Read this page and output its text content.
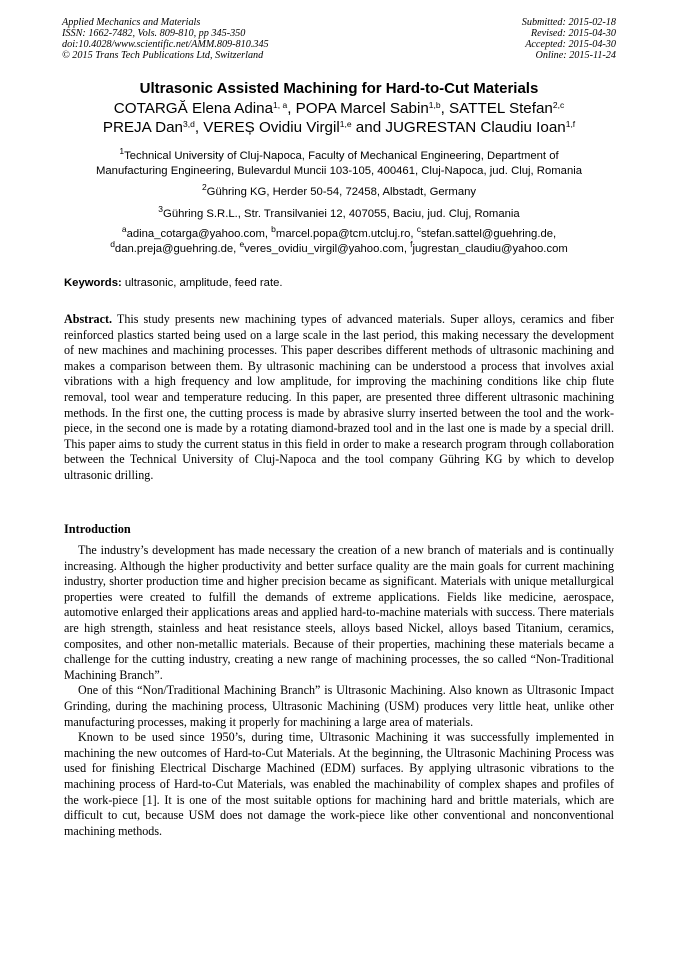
Applied Mechanics and Materials
ISSN: 1662-7482, Vols. 809-810, pp 345-350
doi:10.4028/www.scientific.net/AMM.809-810.345
© 2015 Trans Tech Publications Ltd, Switzerland
Submitted: 2015-02-18
Revised: 2015-04-30
Accepted: 2015-04-30
Online: 2015-11-24
Ultrasonic Assisted Machining for Hard-to-Cut Materials
COTARGĂ Elena Adina$^{1, a}$, POPA Marcel Sabin$^{1,b}$, SATTEL Stefan$^{2,c}$
PREJA Dan$^{3,d}$, VEREȘ Ovidiu Virgil$^{1,e}$ and JUGRESTAN Claudiu Ioan$^{1,f}$
$^1$Technical University of Cluj-Napoca, Faculty of Mechanical Engineering, Department of
Manufacturing Engineering, Bulevardul Muncii 103-105, 400461, Cluj-Napoca, jud. Cluj, Romania
$^2$Gühring KG, Herder 50-54, 72458, Albstadt, Germany
$^3$Gühring S.R.L., Str. Transilvaniei 12, 407055, Baciu, jud. Cluj, Romania
$^a$adina_cotarga@yahoo.com, $^b$marcel.popa@tcm.utcluj.ro, $^c$stefan.sattel@guehring.de,
$^d$dan.preja@guehring.de, $^e$veres_ovidiu_virgil@yahoo.com, $^f$jugrestan_claudiu@yahoo.com
Keywords: ultrasonic, amplitude, feed rate.
Abstract. This study presents new machining types of advanced materials. Super alloys, ceramics and fiber reinforced plastics started being used on a large scale in the last period, this making necessary the development of new machines and machining processes. This paper describes different methods of ultrasonic machining and makes a comparison between them. By ultrasonic machining can be understood a process that involves axial vibrations with a high frequency and low amplitude, for improving the machining conditions like chip flute removal, tool wear and temperature reducing. In this paper, are presented three different ultrasonic machining methods. In the first one, the cutting process is made by abrasive slurry inserted between the tool and the work-piece, in the second one is made by a rotating diamond-brazed tool and in the last one is made by a special drill. This paper aims to study the current status in this field in order to make a research program through collaboration between the Technical University of Cluj-Napoca and the tool company Gühring KG by which to develop ultrasonic drilling.
Introduction

The industry’s development has made necessary the creation of a new branch of materials and is continually increasing. Although the higher productivity and better surface quality are the main goals for current machining industry, shorter production time and higher precision became as significant. Materials with unique metallurgical properties were created to fulfill the demands of extreme applications. Fields like medicine, aerospace, automotive enlarged their applications areas and applied hard-to-machine materials with success. There materials are high strength, stainless and heat resistance steels, alloys based Nickel, alloys based Titanium, ceramics, composites, and other non-metallic materials. Because of their properties, machining these materials became a challenge for the cutting industry, creating a new range of machining processes, the so called “Non-Traditional Machining Branch”.

One of this “Non/Traditional Machining Branch” is Ultrasonic Machining. Also known as Ultrasonic Impact Grinding, during the machining process, Ultrasonic Machining (USM) produces very little heat, unlike other manufacturing processes, making it properly for machining a large area of materials.

Known to be used since 1950’s, during time, Ultrasonic Machining it was successfully implemented in machining the new outcomes of Hard-to-Cut Materials. At the beginning, the Ultrasonic Machining Process was used for finishing Electrical Discharge Machined (EDM) surfaces. By applying ultrasonic vibrations to the machining process of Hard-to-Cut Materials, was enabled the machinability of complex shapes and profiles of the work-piece [1]. It is one of the most suitable options for machining hard and brittle materials, which are difficult to cut, because USM does not damage the work-piece like other conventional and nonconventional machining methods.
